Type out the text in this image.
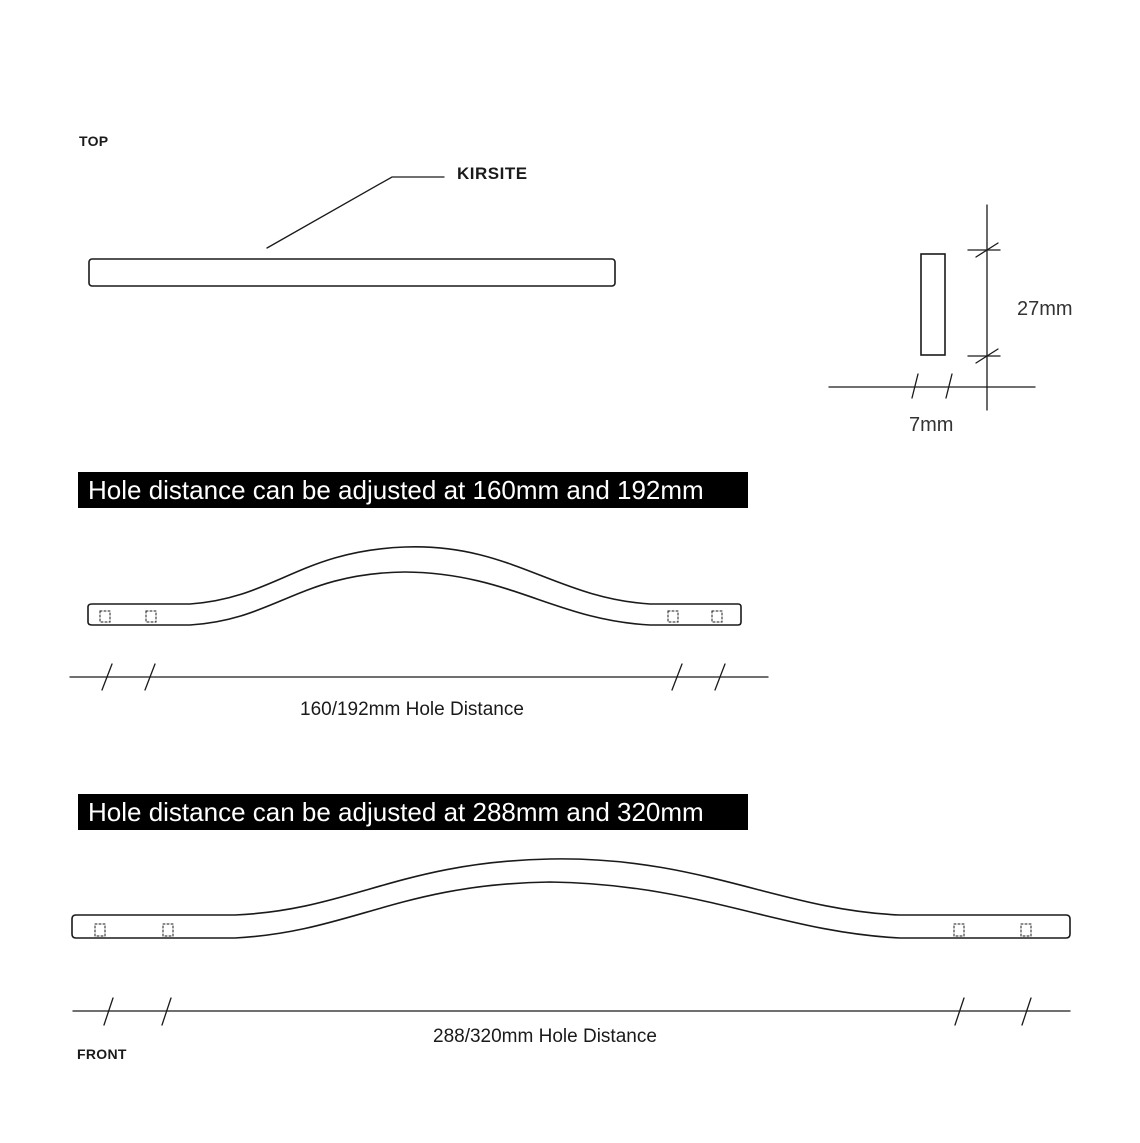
TOP
KIRSITE
27mm
7mm
Hole distance can be adjusted at 160mm and 192mm
160/192mm Hole Distance
Hole distance can be adjusted at 288mm and 320mm
288/320mm Hole Distance
FRONT
